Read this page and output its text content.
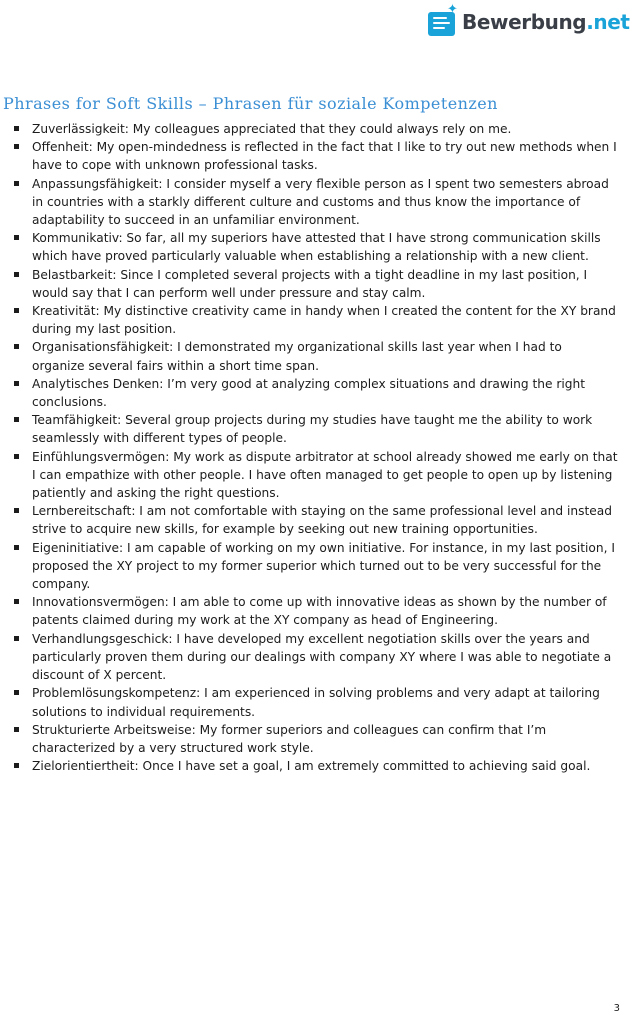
✦
Bewerbung.net
Phrases for Soft Skills – Phrasen für soziale Kompetenzen
Zuverlässigkeit: My colleagues appreciated that they could always rely on me.
Offenheit: My open-mindedness is reflected in the fact that I like to try out new methods when I have to cope with unknown professional tasks.
Anpassungsfähigkeit: I consider myself a very flexible person as I spent two semesters abroad in countries with a starkly different culture and customs and thus know the importance of adaptability to succeed in an unfamiliar environment.
Kommunikativ: So far, all my superiors have attested that I have strong communication skills which have proved particularly valuable when establishing a relationship with a new client.
Belastbarkeit: Since I completed several projects with a tight deadline in my last position, I would say that I can perform well under pressure and stay calm.
Kreativität: My distinctive creativity came in handy when I created the content for the XY brand during my last position.
Organisationsfähigkeit: I demonstrated my organizational skills last year when I had to organize several fairs within a short time span.
Analytisches Denken: I’m very good at analyzing complex situations and drawing the right conclusions.
Teamfähigkeit: Several group projects during my studies have taught me the ability to work seamlessly with different types of people.
Einfühlungsvermögen: My work as dispute arbitrator at school already showed me early on that I can empathize with other people. I have often managed to get people to open up by listening patiently and asking the right questions.
Lernbereitschaft: I am not comfortable with staying on the same professional level and instead strive to acquire new skills, for example by seeking out new training opportunities.
Eigeninitiative: I am capable of working on my own initiative. For instance, in my last position, I proposed the XY project to my former superior which turned out to be very successful for the company.
Innovationsvermögen: I am able to come up with innovative ideas as shown by the number of patents claimed during my work at the XY company as head of Engineering.
Verhandlungsgeschick: I have developed my excellent negotiation skills over the years and particularly proven them during our dealings with company XY where I was able to negotiate a discount of X percent.
Problemlösungskompetenz: I am experienced in solving problems and very adapt at tailoring solutions to individual requirements.
Strukturierte Arbeitsweise: My former superiors and colleagues can confirm that I’m characterized by a very structured work style.
Zielorientiertheit: Once I have set a goal, I am extremely committed to achieving said goal.
3
